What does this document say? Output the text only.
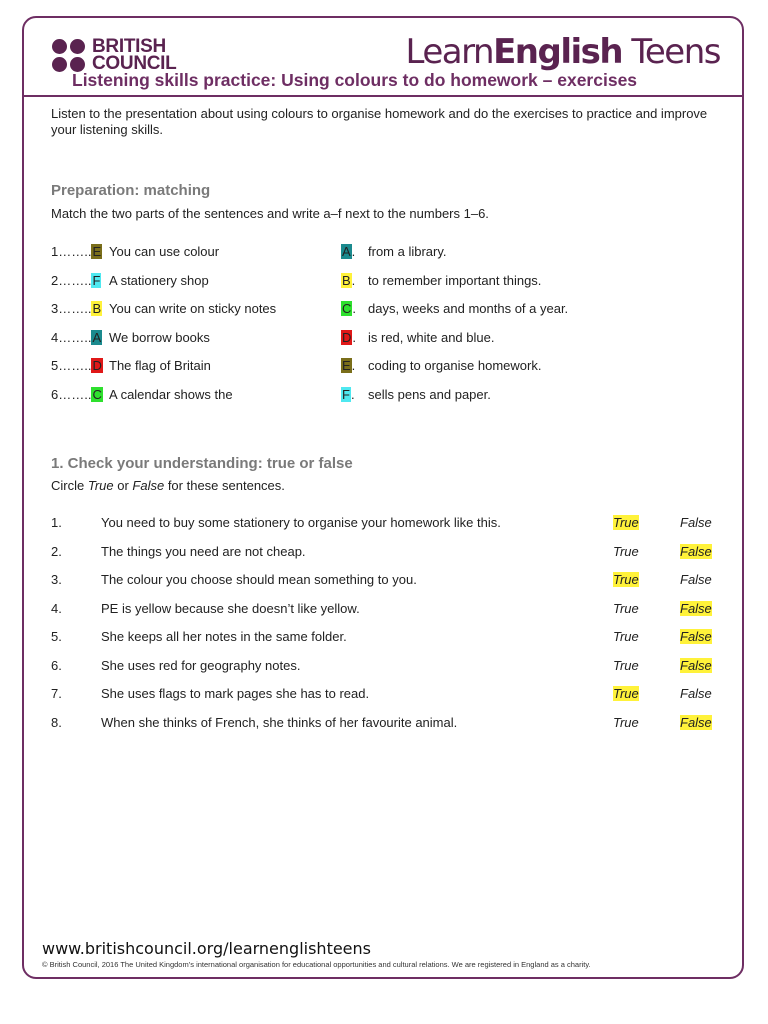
BRITISH
COUNCIL	LearnEnglish Teens
Listening skills practice: Using colours to do homework – exercises
Listen to the presentation about using colours to organise homework and do the exercises to practice and improve your listening skills.
Preparation: matching
Match the two parts of the sentences and write a–f next to the numbers 1–6.
1……..E You can use colour	A. from a library.
2……..F A stationery shop	B. to remember important things.
3……..B You can write on sticky notes	C. days, weeks and months of a year.
4……..A We borrow books	D. is red, white and blue.
5……..D The flag of Britain	E. coding to organise homework.
6……..C A calendar shows the	F. sells pens and paper.
1. Check your understanding: true or false
Circle True or False for these sentences.
1.	You need to buy some stationery to organise your homework like this.	True	False
2.	The things you need are not cheap.	True	False
3.	The colour you choose should mean something to you.	True	False
4.	PE is yellow because she doesn’t like yellow.	True	False
5.	She keeps all her notes in the same folder.	True	False
6.	She uses red for geography notes.	True	False
7.	She uses flags to mark pages she has to read.	True	False
8.	When she thinks of French, she thinks of her favourite animal.	True	False
www.britishcouncil.org/learnenglishteens
© British Council, 2016 The United Kingdom’s international organisation for educational opportunities and cultural relations. We are registered in England as a charity.
